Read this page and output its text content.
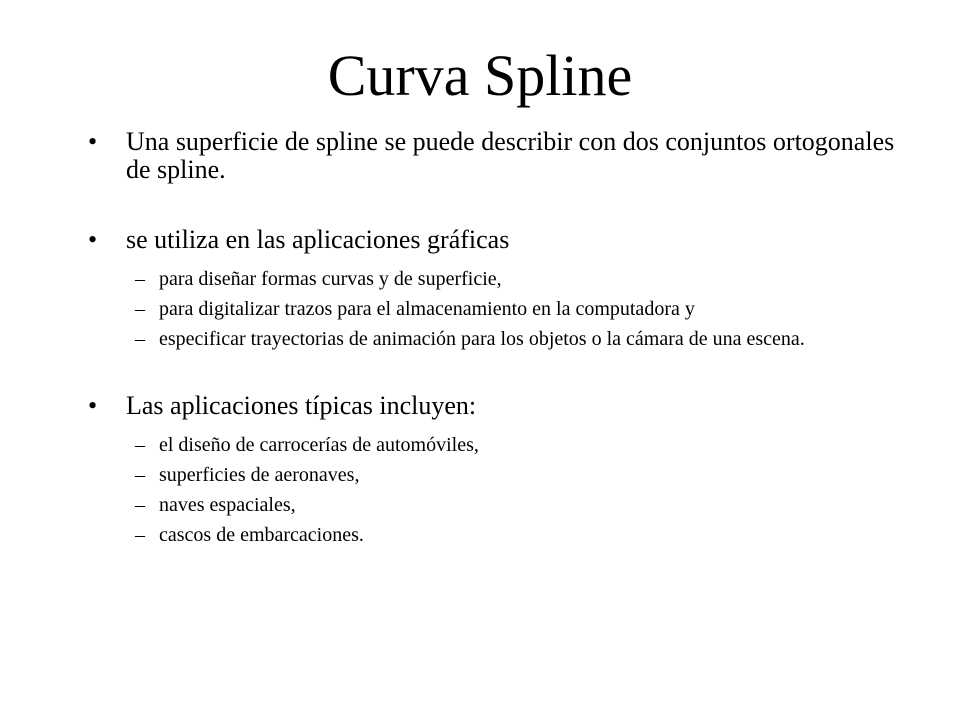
Curva Spline
• Una superficie de spline se puede describir con dos conjuntos ortogonales de spline.
• se utiliza en las aplicaciones gráficas
– para diseñar formas curvas y de superficie,
– para digitalizar trazos para el almacenamiento en la computadora y
– especificar trayectorias de animación para los objetos o la cámara de una escena.
• Las aplicaciones típicas incluyen:
– el diseño de carrocerías de automóviles,
– superficies de aeronaves,
– naves espaciales,
– cascos de embarcaciones.
